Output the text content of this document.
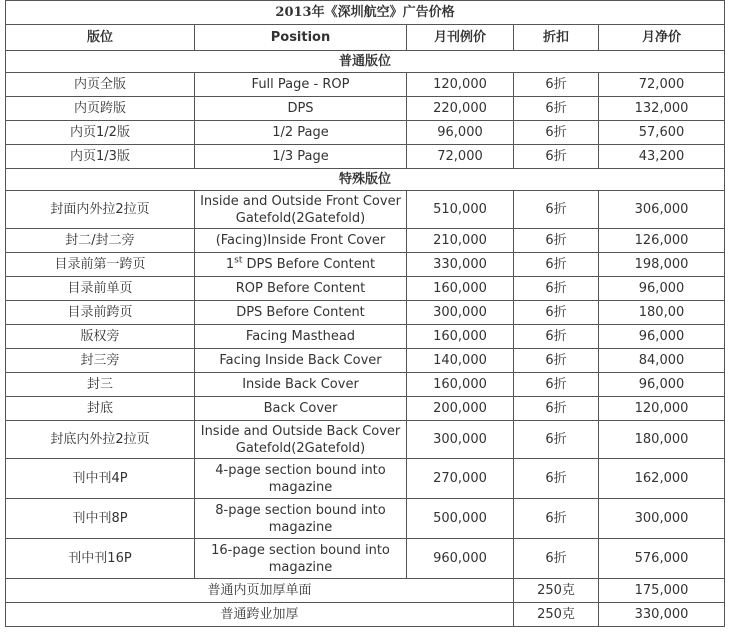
2013年《深圳航空》广告价格				
版位	Position	月刊例价	折扣	月净价
普通版位				
内页全版	Full Page - ROP	120,000	6折	72,000
内页跨版	DPS	220,000	6折	132,000
内页1/2版	1/2 Page	96,000	6折	57,600
内页1/3版	1/3 Page	72,000	6折	43,200
特殊版位				
封面内外拉2拉页	Inside and Outside Front Cover Gatefold(2Gatefold)	510,000	6折	306,000
封二/封二旁	(Facing)Inside Front Cover	210,000	6折	126,000
目录前第一跨页	1st DPS Before Content	330,000	6折	198,000
目录前单页	ROP Before Content	160,000	6折	96,000
目录前跨页	DPS Before Content	300,000	6折	180,00
版权旁	Facing Masthead	160,000	6折	96,000
封三旁	Facing Inside Back Cover	140,000	6折	84,000
封三	Inside Back Cover	160,000	6折	96,000
封底	Back Cover	200,000	6折	120,000
封底内外拉2拉页	Inside and Outside Back Cover Gatefold(2Gatefold)	300,000	6折	180,000
刊中刊4P	4-page section bound into magazine	270,000	6折	162,000
刊中刊8P	8-page section bound into magazine	500,000	6折	300,000
刊中刊16P	16-page section bound into magazine	960,000	6折	576,000
普通内页加厚单面			250克	175,000
普通跨业加厚			250克	330,000
